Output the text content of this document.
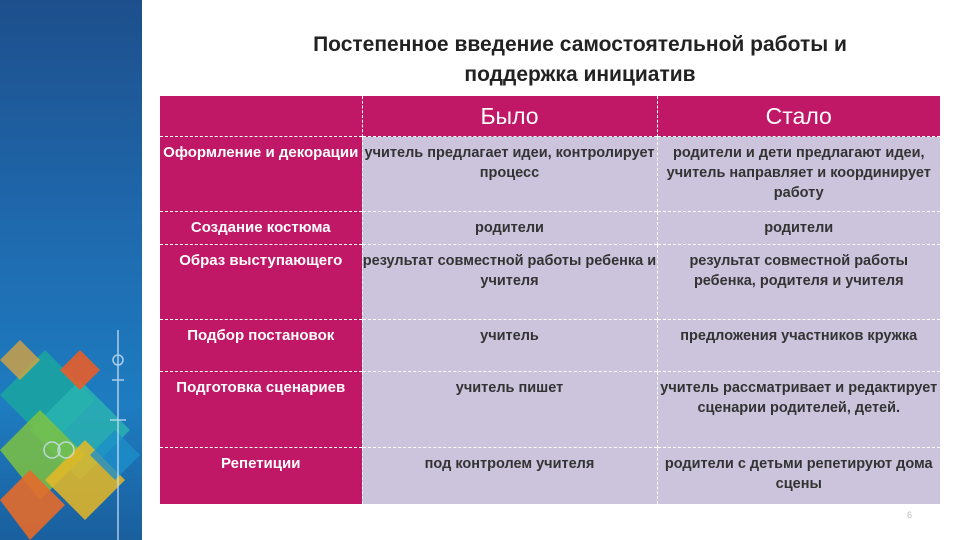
Постепенное введение самостоятельной работы и
поддержка инициатив
	Было	Стало
Оформление и декорации	учитель предлагает идеи, контролирует процесс	родители и дети предлагают идеи, учитель направляет и координирует работу
Создание костюма	родители	родители
Образ выступающего	результат совместной работы ребенка и учителя	результат совместной работы ребенка, родителя и учителя
Подбор постановок	учитель	предложения участников кружка
Подготовка сценариев	учитель пишет	учитель рассматривает и редактирует сценарии родителей, детей.
Репетиции	под контролем учителя	родители с детьми репетируют дома сцены
6
